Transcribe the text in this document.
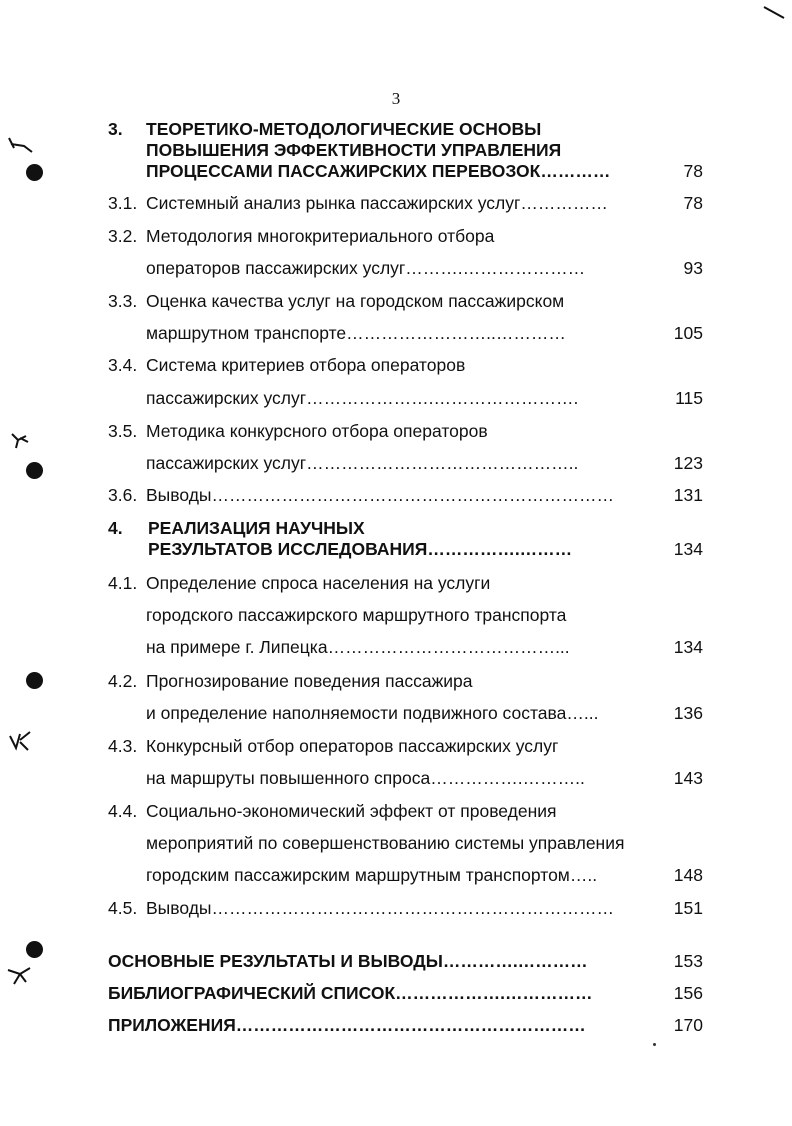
3
3. ТЕОРЕТИКО-МЕТОДОЛОГИЧЕСКИЕ ОСНОВЫ
ПОВЫШЕНИЯ ЭФФЕКТИВНОСТИ УПРАВЛЕНИЯ
ПРОЦЕССАМИ ПАССАЖИРСКИХ ПЕРЕВОЗОК…………	78
3.1. Системный анализ рынка пассажирских услуг……………	78
3.2. Методология многокритериального отбора
операторов пассажирских услуг……….…………………	93
3.3. Оценка качества услуг на городском пассажирском
маршрутном транспорте……………………..…………	105
3.4. Система критериев отбора операторов
пассажирских услуг………………….…………………….	115
3.5. Методика конкурсного отбора операторов
пассажирских услуг………………………………………..	123
3.6. Выводы……………………………………………………………	131
4. РЕАЛИЗАЦИЯ НАУЧНЫХ
РЕЗУЛЬТАТОВ ИССЛЕДОВАНИЯ…………….………	134
4.1. Определение спроса населения на услуги
городского пассажирского маршрутного транспорта
на примере г. Липецка…………………………………...	134
4.2. Прогнозирование поведения пассажира
и определение наполняемости подвижного состава…...	136
4.3. Конкурсный отбор операторов пассажирских услуг
на маршруты повышенного спроса…………….………..	143
4.4. Социально-экономический эффект от проведения
мероприятий по совершенствованию системы управления
городским пассажирским маршрутным транспортом…..	148
4.5. Выводы……………………………………………………………	151
ОСНОВНЫЕ РЕЗУЛЬТАТЫ И ВЫВОДЫ………….…………	153
БИБЛИОГРАФИЧЕСКИЙ СПИСОК……………….……………	156
ПРИЛОЖЕНИЯ……………………………………………………	170
